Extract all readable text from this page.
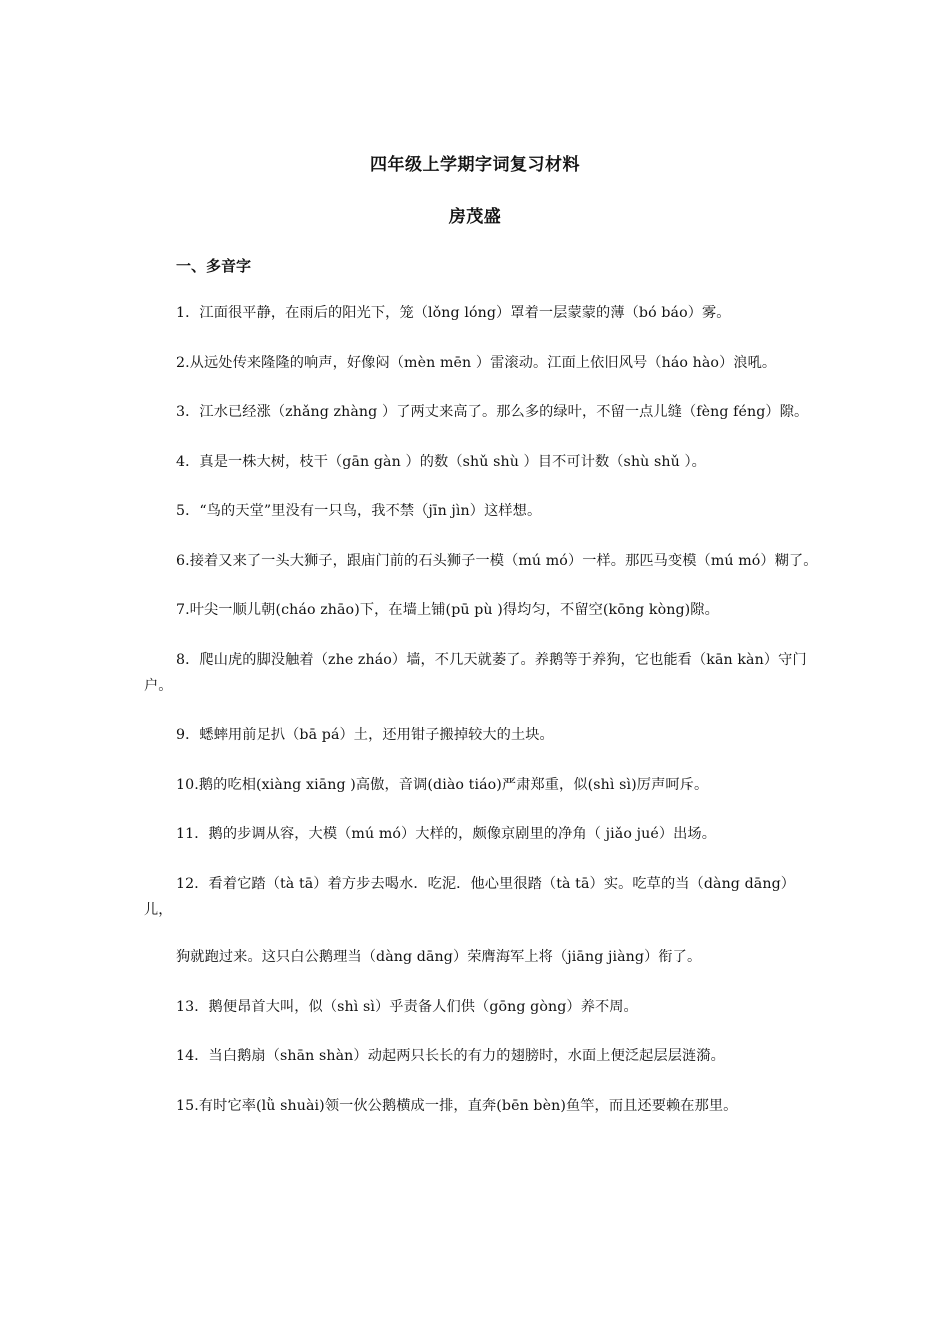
四年级上学期字词复习材料
房茂盛
一、多音字

1．江面很平静，在雨后的阳光下，笼（lǒng lóng）罩着一层蒙蒙的薄（bó báo）雾。

2.从远处传来隆隆的响声，好像闷（mèn mēn ）雷滚动。江面上依旧风号（háo hào）浪吼。

3．江水已经涨（zhǎng zhàng ）了两丈来高了。那么多的绿叶，不留一点儿缝（fèng féng）隙。

4．真是一株大树，枝干（gān gàn ）的数（shǔ shù ）目不可计数（shù shǔ ）。

5．“鸟的天堂”里没有一只鸟，我不禁（jīn jìn）这样想。

6.接着又来了一头大狮子，跟庙门前的石头狮子一模（mú mó）一样。那匹马变模（mú mó）糊了。

7.叶尖一顺儿朝(cháo zhāo)下，在墙上铺(pū pù )得均匀，不留空(kōng kòng)隙。

8．爬山虎的脚没触着（zhe zháo）墙，不几天就萎了。养鹅等于养狗，它也能看（kān kàn）守门户。

9．蟋蟀用前足扒（bā pá）土，还用钳子搬掉较大的土块。

10.鹅的吃相(xiàng xiāng )高傲，音调(diào tiáo)严肃郑重，似(shì sì)厉声呵斥。

11．鹅的步调从容，大模（mú mó）大样的，颇像京剧里的净角（ jiǎo jué）出场。

12．看着它踏（tà tā）着方步去喝水．吃泥．他心里很踏（tà tā）实。吃草的当（dàng dāng）儿，

狗就跑过来。这只白公鹅理当（dàng dāng）荣膺海军上将（jiāng jiàng）衔了。

13．鹅便昂首大叫，似（shì sì）乎责备人们供（gōng gòng）养不周。

14．当白鹅扇（shān shàn）动起两只长长的有力的翅膀时，水面上便泛起层层涟漪。

15.有时它率(lǜ shuài)领一伙公鹅横成一排，直奔(bēn bèn)鱼竿，而且还要赖在那里。
